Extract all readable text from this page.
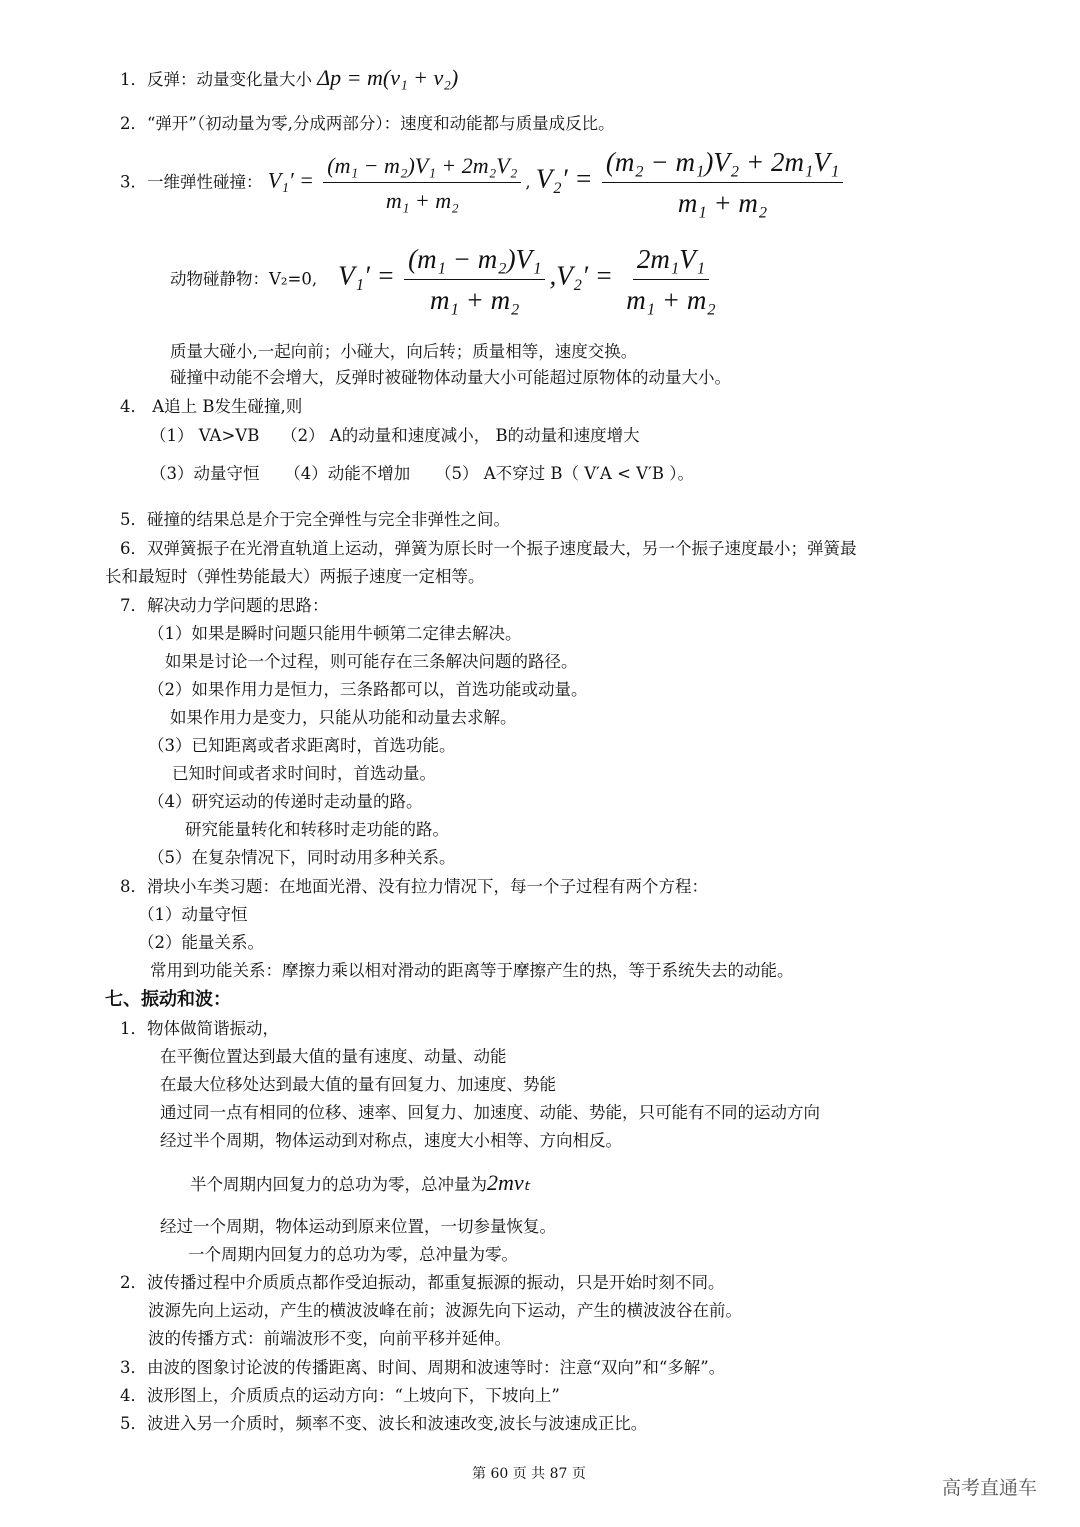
1．反弹：动量变化量大小 Δp = m(v₁ + v₂)
2．“弹开”（初动量为零,分成两部分）：速度和动能都与质量成反比。
3．一维弹性碰撞： $V_1' = \frac{\text{(m₁ − m₂)V₁ + 2m₂V₂}}{\text{m₁ + m₂}}$ , $V_2' = \frac{\text{(m₂ − m₁)V₂ + 2m₁V₁}}{\text{m₁ + m₂}}$
动物碰静物：V₂=0, $V_1' = \frac{\text{(m₁ − m₂)V₁}}{\text{m₁ + m₂}} ,V_2' = \frac{\text{2m₁V₁}}{\text{m₁ + m₂}}$
质量大碰小,一起向前；小碰大，向后转；质量相等，速度交换。
碰撞中动能不会增大，反弹时被碰物体动量大小可能超过原物体的动量大小。
4． A追上 B发生碰撞,则
（1） VA>VB　 （2） A的动量和速度减小， B的动量和速度增大
（3）动量守恒　　（4）动能不增加　　（5） A不穿过 B（ V′A < V′B ）。
5．碰撞的结果总是介于完全弹性与完全非弹性之间。
6．双弹簧振子在光滑直轨道上运动，弹簧为原长时一个振子速度最大，另一个振子速度最小；弹簧最
长和最短时（弹性势能最大）两振子速度一定相等。
7．解决动力学问题的思路：
（1）如果是瞬时问题只能用牛顿第二定律去解决。
如果是讨论一个过程，则可能存在三条解决问题的路径。
（2）如果作用力是恒力，三条路都可以，首选功能或动量。
如果作用力是变力，只能从功能和动量去求解。
（3）已知距离或者求距离时，首选功能。
已知时间或者求时间时，首选动量。
（4）研究运动的传递时走动量的路。
研究能量转化和转移时走功能的路。
（5）在复杂情况下，同时动用多种关系。
8．滑块小车类习题：在地面光滑、没有拉力情况下，每一个子过程有两个方程：
（1）动量守恒
（2）能量关系。
常用到功能关系：摩擦力乘以相对滑动的距离等于摩擦产生的热，等于系统失去的动能。
七、振动和波：
1．物体做简谐振动，
在平衡位置达到最大值的量有速度、动量、动能
在最大位移处达到最大值的量有回复力、加速度、势能
通过同一点有相同的位移、速率、回复力、加速度、动能、势能，只可能有不同的运动方向
经过半个周期，物体运动到对称点，速度大小相等、方向相反。
半个周期内回复力的总功为零，总冲量为2mvₜ
经过一个周期，物体运动到原来位置，一切参量恢复。
一个周期内回复力的总功为零，总冲量为零。
2．波传播过程中介质质点都作受迫振动，都重复振源的振动，只是开始时刻不同。
波源先向上运动，产生的横波波峰在前；波源先向下运动，产生的横波波谷在前。
波的传播方式：前端波形不变，向前平移并延伸。
3．由波的图象讨论波的传播距离、时间、周期和波速等时：注意“双向”和“多解”。
4．波形图上，介质质点的运动方向：“上坡向下，下坡向上”
5．波进入另一介质时，频率不变、波长和波速改变,波长与波速成正比。
第 60 页 共 87 页
高考直通车
